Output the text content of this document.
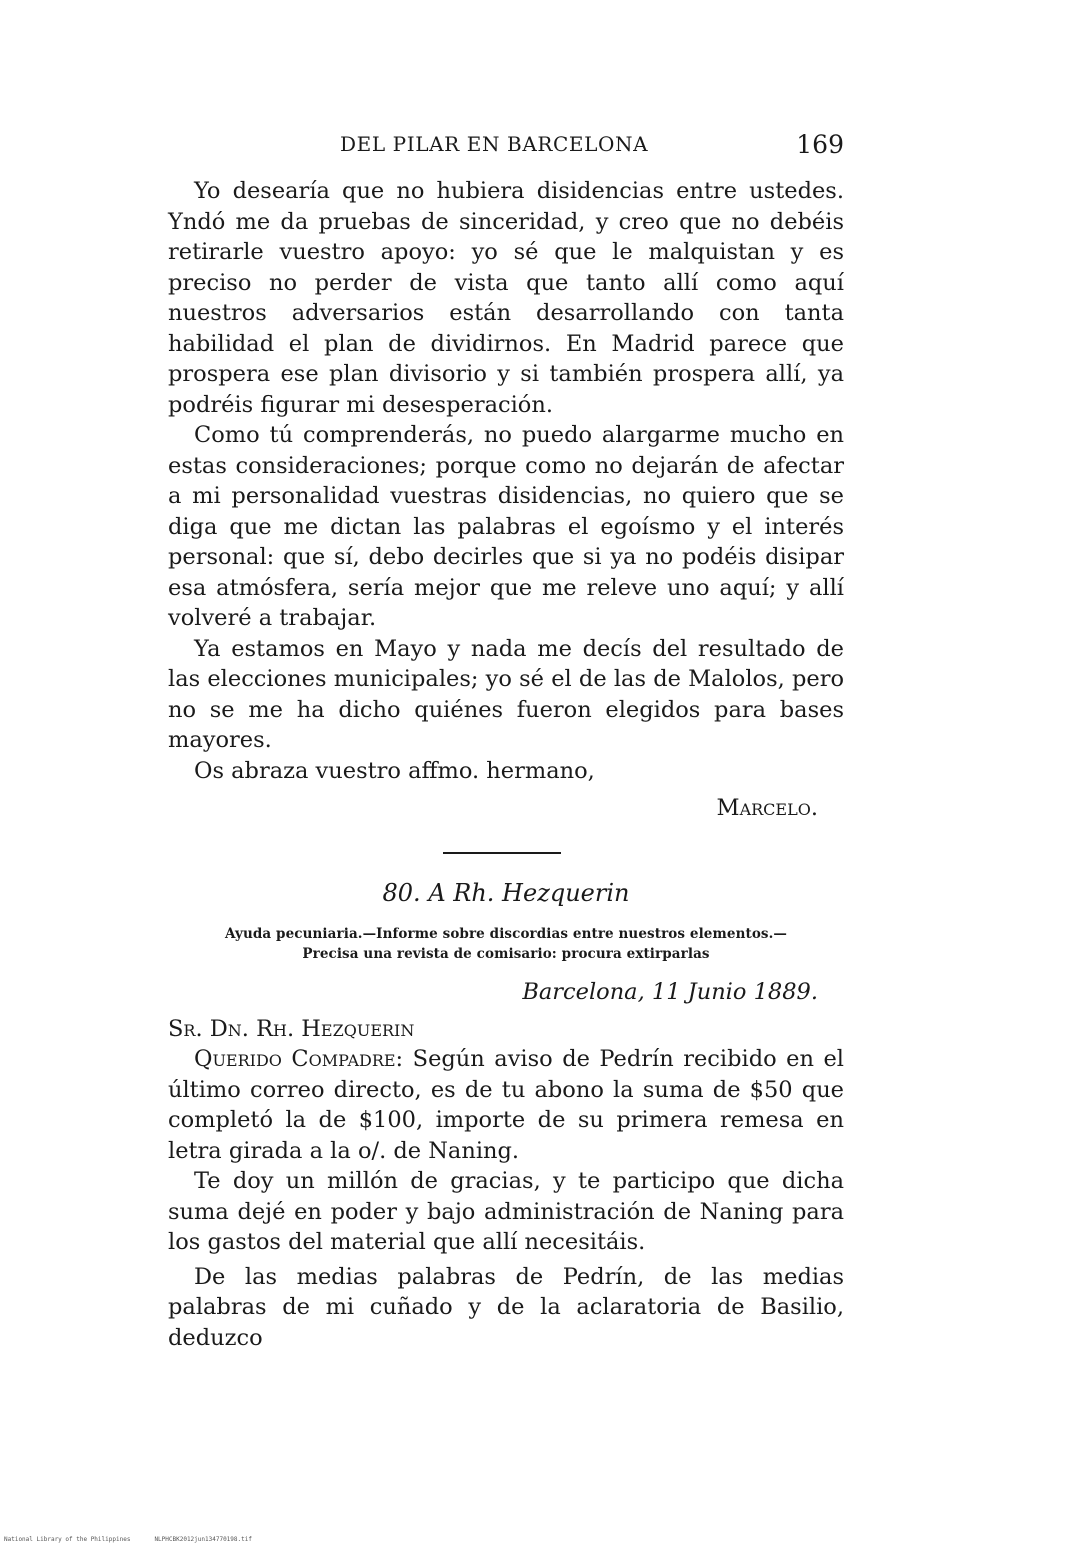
DEL PILAR EN BARCELONA	169

Yo desearía que no hubiera disidencias entre ustedes. Yndó me da pruebas de sinceridad, y creo que no debéis retirarle vuestro apoyo: yo sé que le malquistan y es preciso no perder de vista que tanto allí como aquí nuestros adversarios están desarrollando con tanta habilidad el plan de dividirnos. En Madrid parece que prospera ese plan divisorio y si también prospera allí, ya podréis figurar mi desesperación.

Como tú comprenderás, no puedo alargarme mucho en estas consideraciones; porque como no dejarán de afectar a mi personalidad vuestras disidencias, no quiero que se diga que me dictan las palabras el egoísmo y el interés personal: que sí, debo decirles que si ya no podéis disipar esa atmósfera, sería mejor que me releve uno aquí; y allí volveré a trabajar.

Ya estamos en Mayo y nada me decís del resultado de las elecciones municipales; yo sé el de las de Malolos, pero no se me ha dicho quiénes fueron elegidos para bases mayores.

Os abraza vuestro affmo. hermano,

Marcelo.
80. A Rh. Hezquerin
Ayuda pecuniaria.—Informe sobre discordias entre nuestros elementos.—
Precisa una revista de comisario: procura extirparlas
Barcelona, 11 Junio 1889.
Sr. Dn. Rh. Hezquerin

Querido Compadre: Según aviso de Pedrín recibido en el último correo directo, es de tu abono la suma de $50 que completó la de $100, importe de su primera remesa en letra girada a la o/. de Naning.

Te doy un millón de gracias, y te participo que dicha suma dejé en poder y bajo administración de Naning para los gastos del material que allí necesitáis.

De las medias palabras de Pedrín, de las medias palabras de mi cuñado y de la aclaratoria de Basilio, deduzco

National Library of the Philippines	NLPHCBK2012jun134770198.tif
